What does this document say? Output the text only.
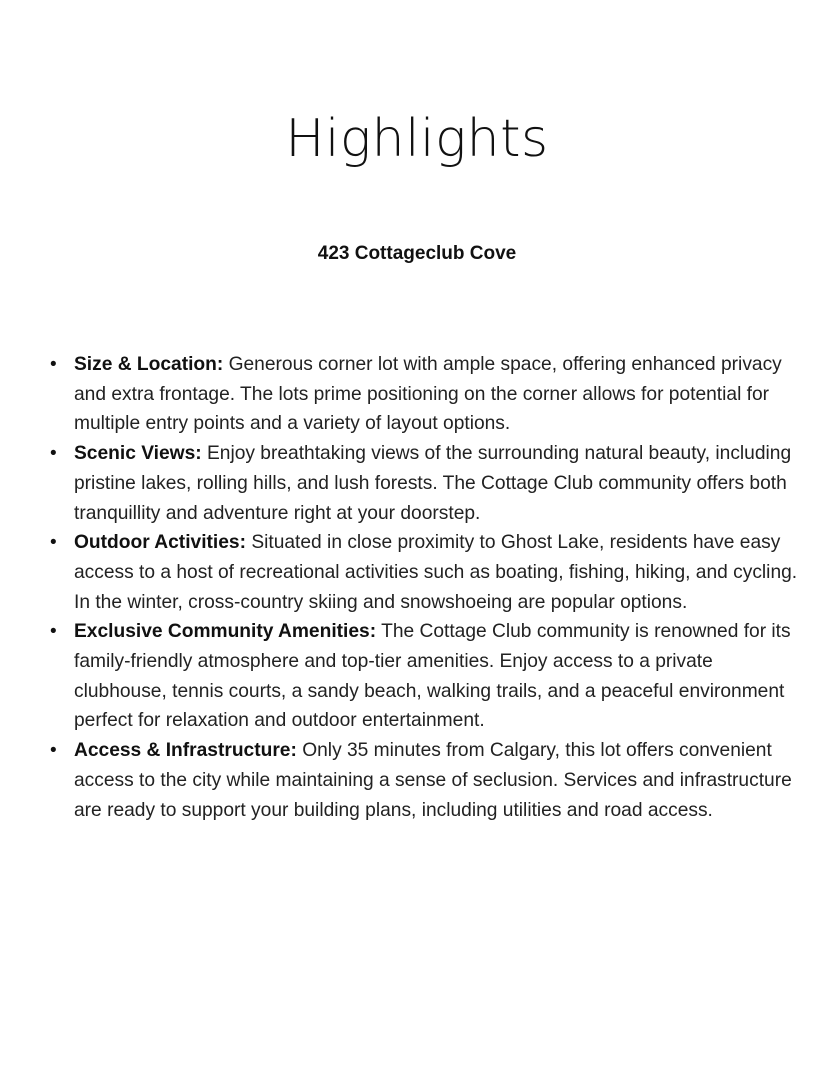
Highlights

423 Cottageclub Cove

• Size & Location: Generous corner lot with ample space, offering enhanced privacy and extra frontage. The lots prime positioning on the corner allows for potential for multiple entry points and a variety of layout options.
• Scenic Views: Enjoy breathtaking views of the surrounding natural beauty, including pristine lakes, rolling hills, and lush forests. The Cottage Club community offers both tranquillity and adventure right at your doorstep.
• Outdoor Activities: Situated in close proximity to Ghost Lake, residents have easy access to a host of recreational activities such as boating, fishing, hiking, and cycling. In the winter, cross-country skiing and snowshoeing are popular options.
• Exclusive Community Amenities: The Cottage Club community is renowned for its family-friendly atmosphere and top-tier amenities. Enjoy access to a private clubhouse, tennis courts, a sandy beach, walking trails, and a peaceful environment perfect for relaxation and outdoor entertainment.
• Access & Infrastructure: Only 35 minutes from Calgary, this lot offers convenient access to the city while maintaining a sense of seclusion. Services and infrastructure are ready to support your building plans, including utilities and road access.
